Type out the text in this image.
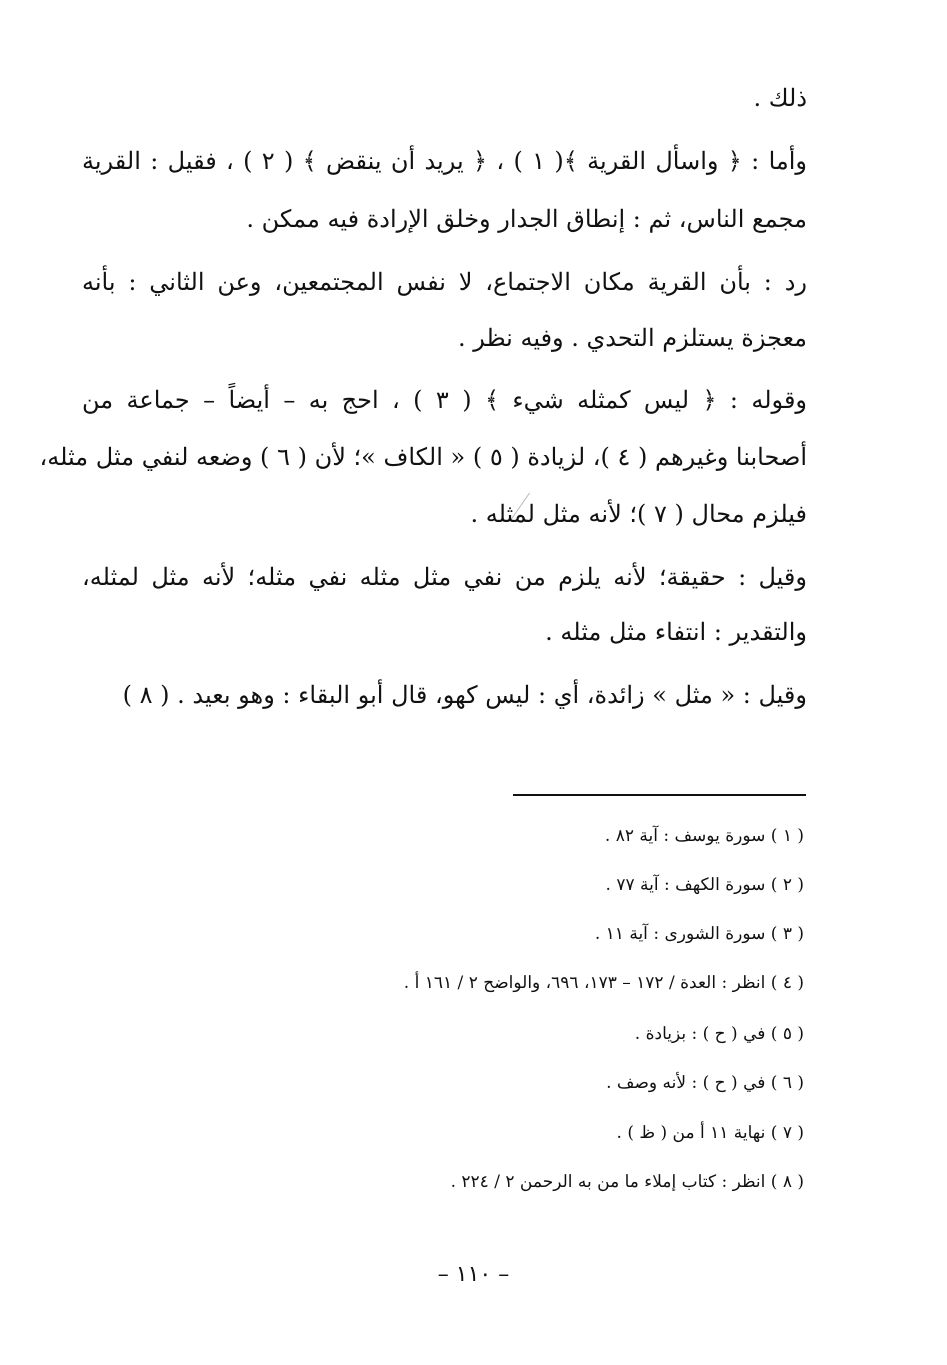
ذلك .
وأما : ﴿ واسأل القرية ﴾( ١ ) ، ﴿ يريد أن ينقض ﴾ ( ٢ ) ، فقيل : القرية
مجمع الناس، ثم : إنطاق الجدار وخلق الإرادة فيه ممكن .
رد : بأن القرية مكان الاجتماع، لا نفس المجتمعين، وعن الثاني : بأنه
معجزة يستلزم التحدي . وفيه نظر .
وقوله : ﴿ ليس كمثله شيء ﴾ ( ٣ ) ، احج به – أيضاً – جماعة من
أصحابنا وغيرهم ( ٤ )، لزيادة ( ٥ ) « الكاف »؛ لأن ( ٦ ) وضعه لنفي مثل مثله،
فيلزم محال ( ٧ )؛ لأنه مثل لمثله .
وقيل : حقيقة؛ لأنه يلزم من نفي مثل مثله نفي مثله؛ لأنه مثل لمثله،
والتقدير : انتفاء مثل مثله .
وقيل : « مثل » زائدة، أي : ليس كهو، قال أبو البقاء : وهو بعيد . ( ٨ )
( ١ ) سورة يوسف : آية ٨٢ .
( ٢ ) سورة الكهف : آية ٧٧ .
( ٣ ) سورة الشورى : آية ١١ .
( ٤ ) انظر : العدة / ١٧٢ – ١٧٣، ٦٩٦، والواضح ٢ / ١٦١ أ .
( ٥ ) في ( ح ) : بزيادة .
( ٦ ) في ( ح ) : لأنه وصف .
( ٧ ) نهاية ١١ أ من ( ظ ) .
( ٨ ) انظر : كتاب إملاء ما من به الرحمن ٢ / ٢٢٤ .
– ١١٠ –
